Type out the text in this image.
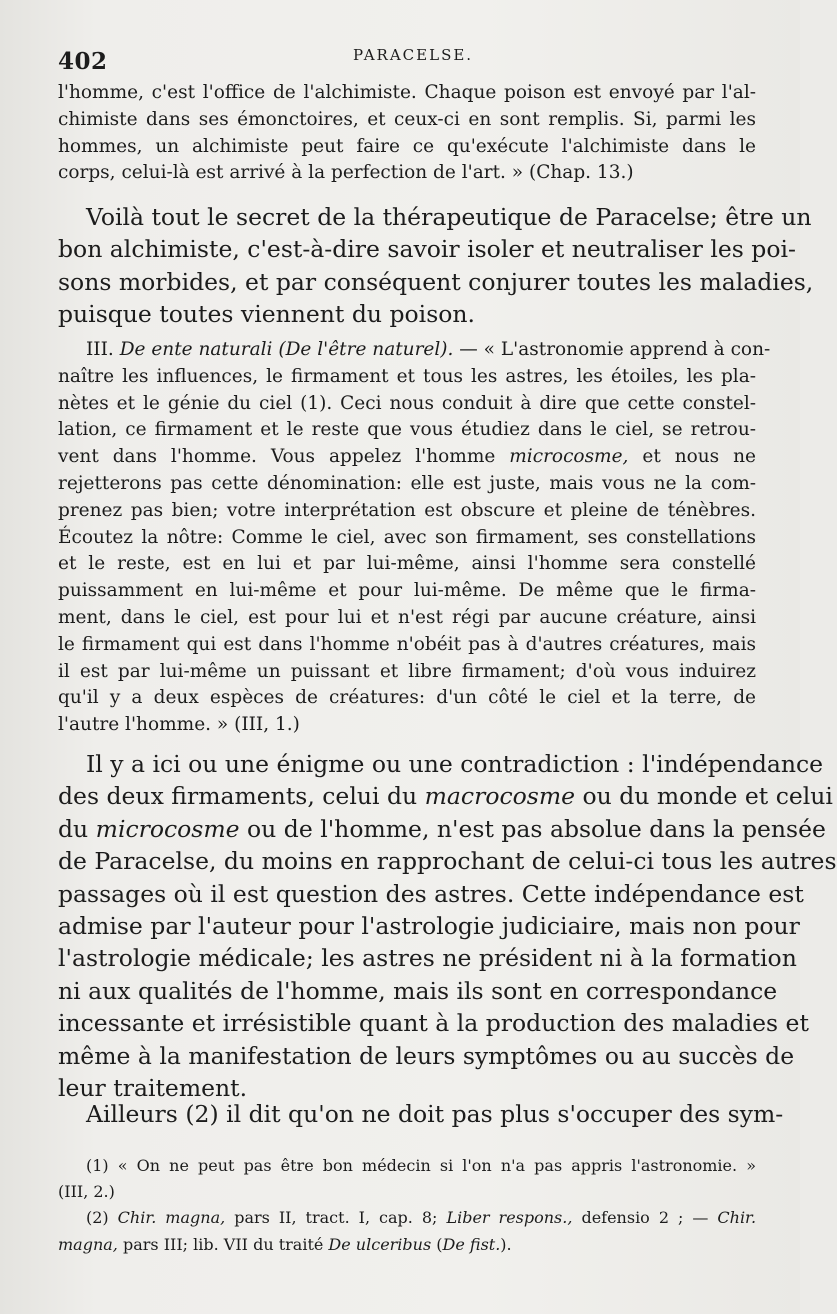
402	PARACELSE.

l'homme, c'est l'office de l'alchimiste. Chaque poison est envoyé par l'al-
chimiste dans ses émonctoires, et ceux-ci en sont remplis. Si, parmi les
hommes, un alchimiste peut faire ce qu'exécute l'alchimiste dans le
corps, celui-là est arrivé à la perfection de l'art. » (Chap. 13.)

Voilà tout le secret de la thérapeutique de Paracelse; être un
bon alchimiste, c'est-à-dire savoir isoler et neutraliser les poi-
sons morbides, et par conséquent conjurer toutes les maladies,
puisque toutes viennent du poison.

III. De ente naturali (De l'être naturel). — « L'astronomie apprend à con-
naître les influences, le firmament et tous les astres, les étoiles, les pla-
nètes et le génie du ciel (1). Ceci nous conduit à dire que cette constel-
lation, ce firmament et le reste que vous étudiez dans le ciel, se retrou-
vent dans l'homme. Vous appelez l'homme microcosme, et nous ne
rejetterons pas cette dénomination: elle est juste, mais vous ne la com-
prenez pas bien; votre interprétation est obscure et pleine de ténèbres.
Écoutez la nôtre: Comme le ciel, avec son firmament, ses constellations
et le reste, est en lui et par lui-même, ainsi l'homme sera constellé
puissamment en lui-même et pour lui-même. De même que le firma-
ment, dans le ciel, est pour lui et n'est régi par aucune créature, ainsi
le firmament qui est dans l'homme n'obéit pas à d'autres créatures, mais
il est par lui-même un puissant et libre firmament; d'où vous induirez
qu'il y a deux espèces de créatures: d'un côté le ciel et la terre, de
l'autre l'homme. » (III, 1.)

Il y a ici ou une énigme ou une contradiction : l'indépendance
des deux firmaments, celui du macrocosme ou du monde et celui
du microcosme ou de l'homme, n'est pas absolue dans la pensée
de Paracelse, du moins en rapprochant de celui-ci tous les autres
passages où il est question des astres. Cette indépendance est
admise par l'auteur pour l'astrologie judiciaire, mais non pour
l'astrologie médicale; les astres ne président ni à la formation
ni aux qualités de l'homme, mais ils sont en correspondance
incessante et irrésistible quant à la production des maladies et
même à la manifestation de leurs symptômes ou au succès de
leur traitement.

Ailleurs (2) il dit qu'on ne doit pas plus s'occuper des sym-

(1) « On ne peut pas être bon médecin si l'on n'a pas appris l'astronomie. »
(III, 2.)
(2) Chir. magna, pars II, tract. I, cap. 8; Liber respons., defensio 2 ; — Chir.
magna, pars III; lib. VII du traité De ulceribus (De fist.).
